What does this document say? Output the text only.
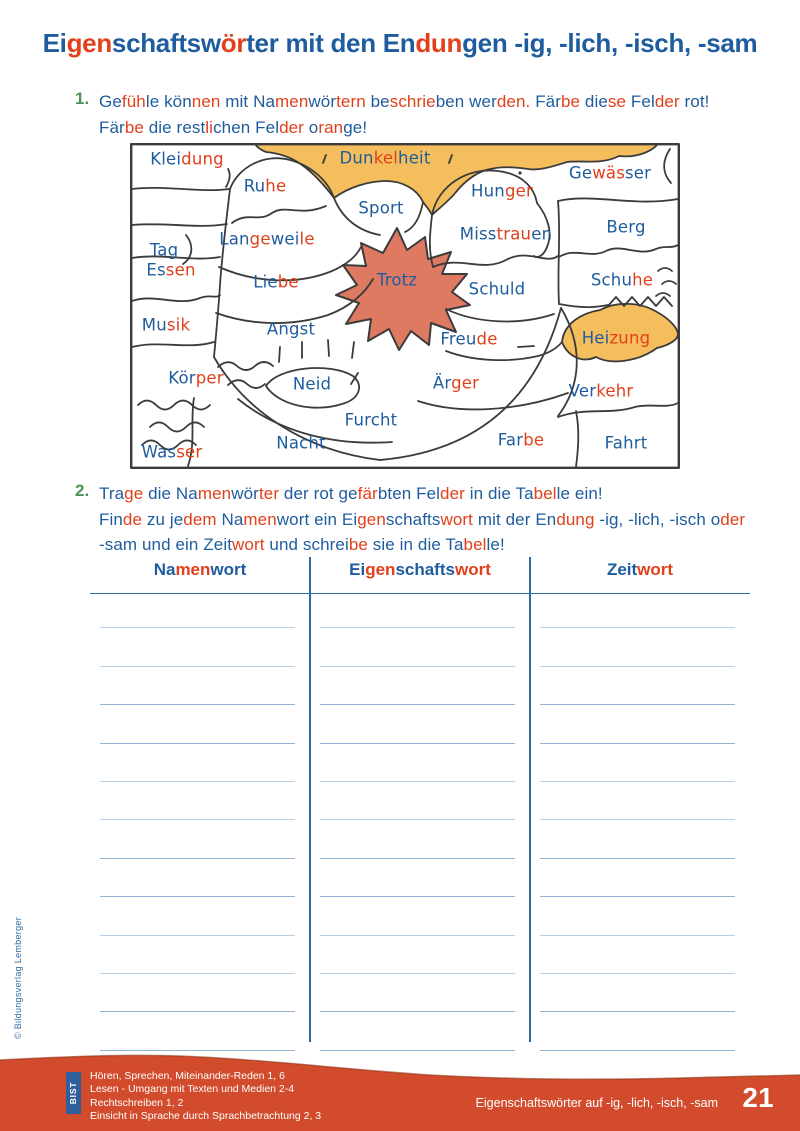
Eigenschaftswörter mit den Endungen -ig, -lich, -isch, -sam
1. Gefühle können mit Namenwörtern beschrieben werden. Färbe diese Felder rot!
Färbe die restlichen Felder orange!
Kleidung	Dunkelheit
Gewässer
Ruhe	Hunger
Sport
Tag
Langeweile	Misstrauen	Berg
Essen
Liebe	Trotz	Schuld	Schuhe
Musik	Angst
Freude	Heizung
Körper	Neid	Ärger	Verkehr
Furcht
Wasser	Nacht	Farbe	Fahrt
2. Trage die Namenwörter der rot gefärbten Felder in die Tabelle ein!
Finde zu jedem Namenwort ein Eigenschaftswort mit der Endung -ig, -lich, -isch oder
-sam und ein Zeitwort und schreibe sie in die Tabelle!
Namenwort	Eigenschaftswort	Zeitwort
© Bildungsverlag Lemberger
BIST
Hören, Sprechen, Miteinander-Reden 1, 6
Lesen - Umgang mit Texten und Medien 2-4
Rechtschreiben 1, 2
Einsicht in Sprache durch Sprachbetrachtung 2, 3
Eigenschaftswörter auf -ig, -lich, -isch, -sam 21
